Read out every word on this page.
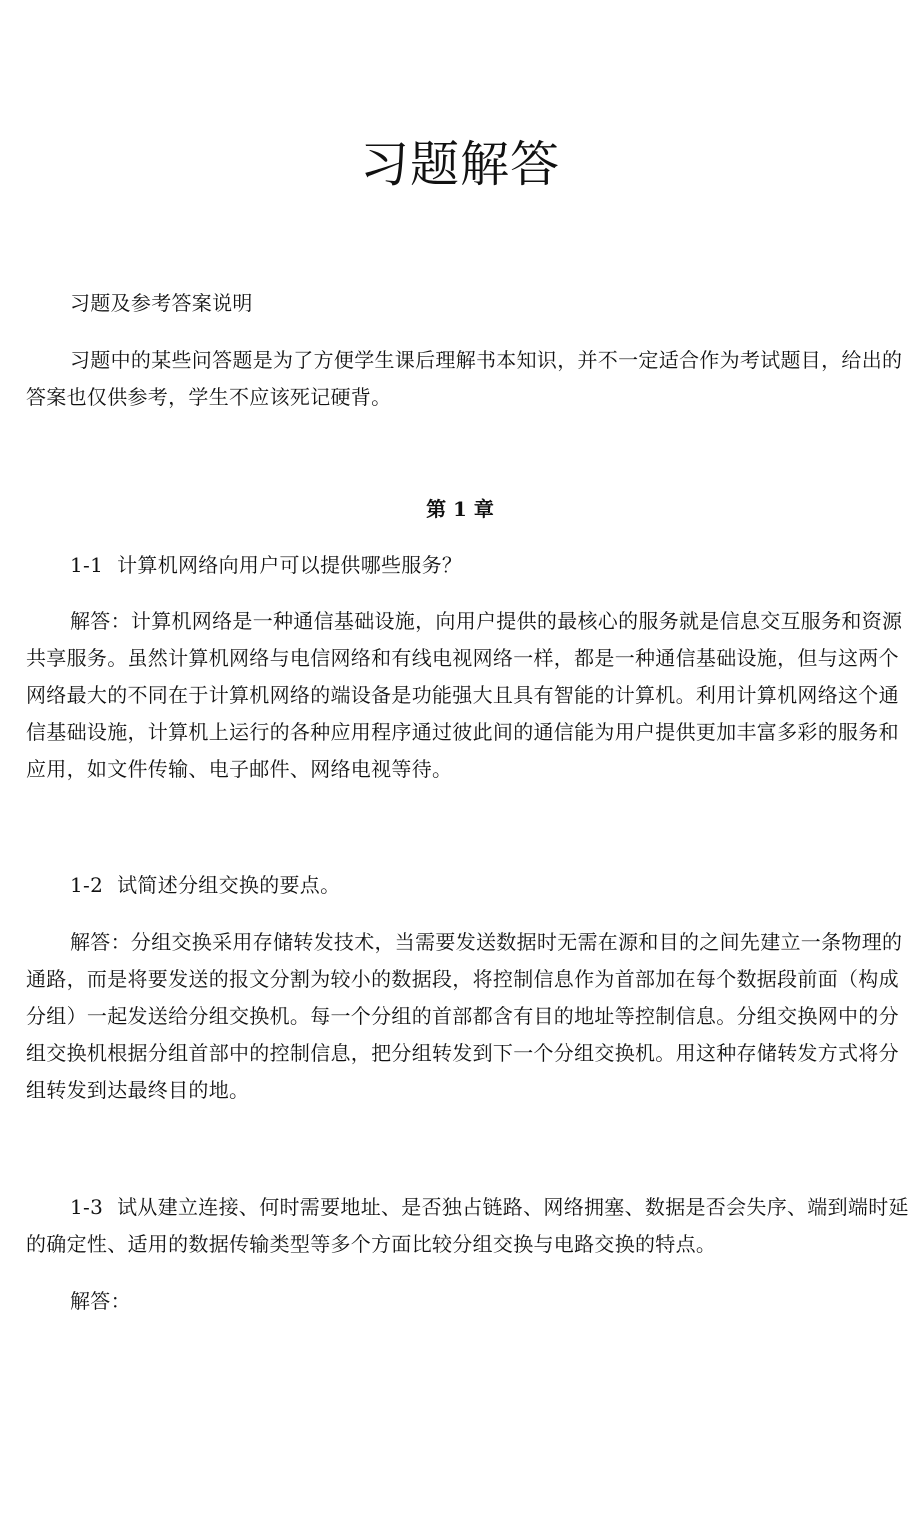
习题解答

习题及参考答案说明

习题中的某些问答题是为了方便学生课后理解书本知识，并不一定适合作为考试题目，给出的答案也仅供参考，学生不应该死记硬背。

第 1 章

1-1 计算机网络向用户可以提供哪些服务？

解答：计算机网络是一种通信基础设施，向用户提供的最核心的服务就是信息交互服务和资源共享服务。虽然计算机网络与电信网络和有线电视网络一样，都是一种通信基础设施，但与这两个网络最大的不同在于计算机网络的端设备是功能强大且具有智能的计算机。利用计算机网络这个通信基础设施，计算机上运行的各种应用程序通过彼此间的通信能为用户提供更加丰富多彩的服务和应用，如文件传输、电子邮件、网络电视等待。

1-2 试简述分组交换的要点。

解答：分组交换采用存储转发技术，当需要发送数据时无需在源和目的之间先建立一条物理的通路，而是将要发送的报文分割为较小的数据段，将控制信息作为首部加在每个数据段前面（构成分组）一起发送给分组交换机。每一个分组的首部都含有目的地址等控制信息。分组交换网中的分组交换机根据分组首部中的控制信息，把分组转发到下一个分组交换机。用这种存储转发方式将分组转发到达最终目的地。

1-3 试从建立连接、何时需要地址、是否独占链路、网络拥塞、数据是否会失序、端到端时延的确定性、适用的数据传输类型等多个方面比较分组交换与电路交换的特点。

解答：
